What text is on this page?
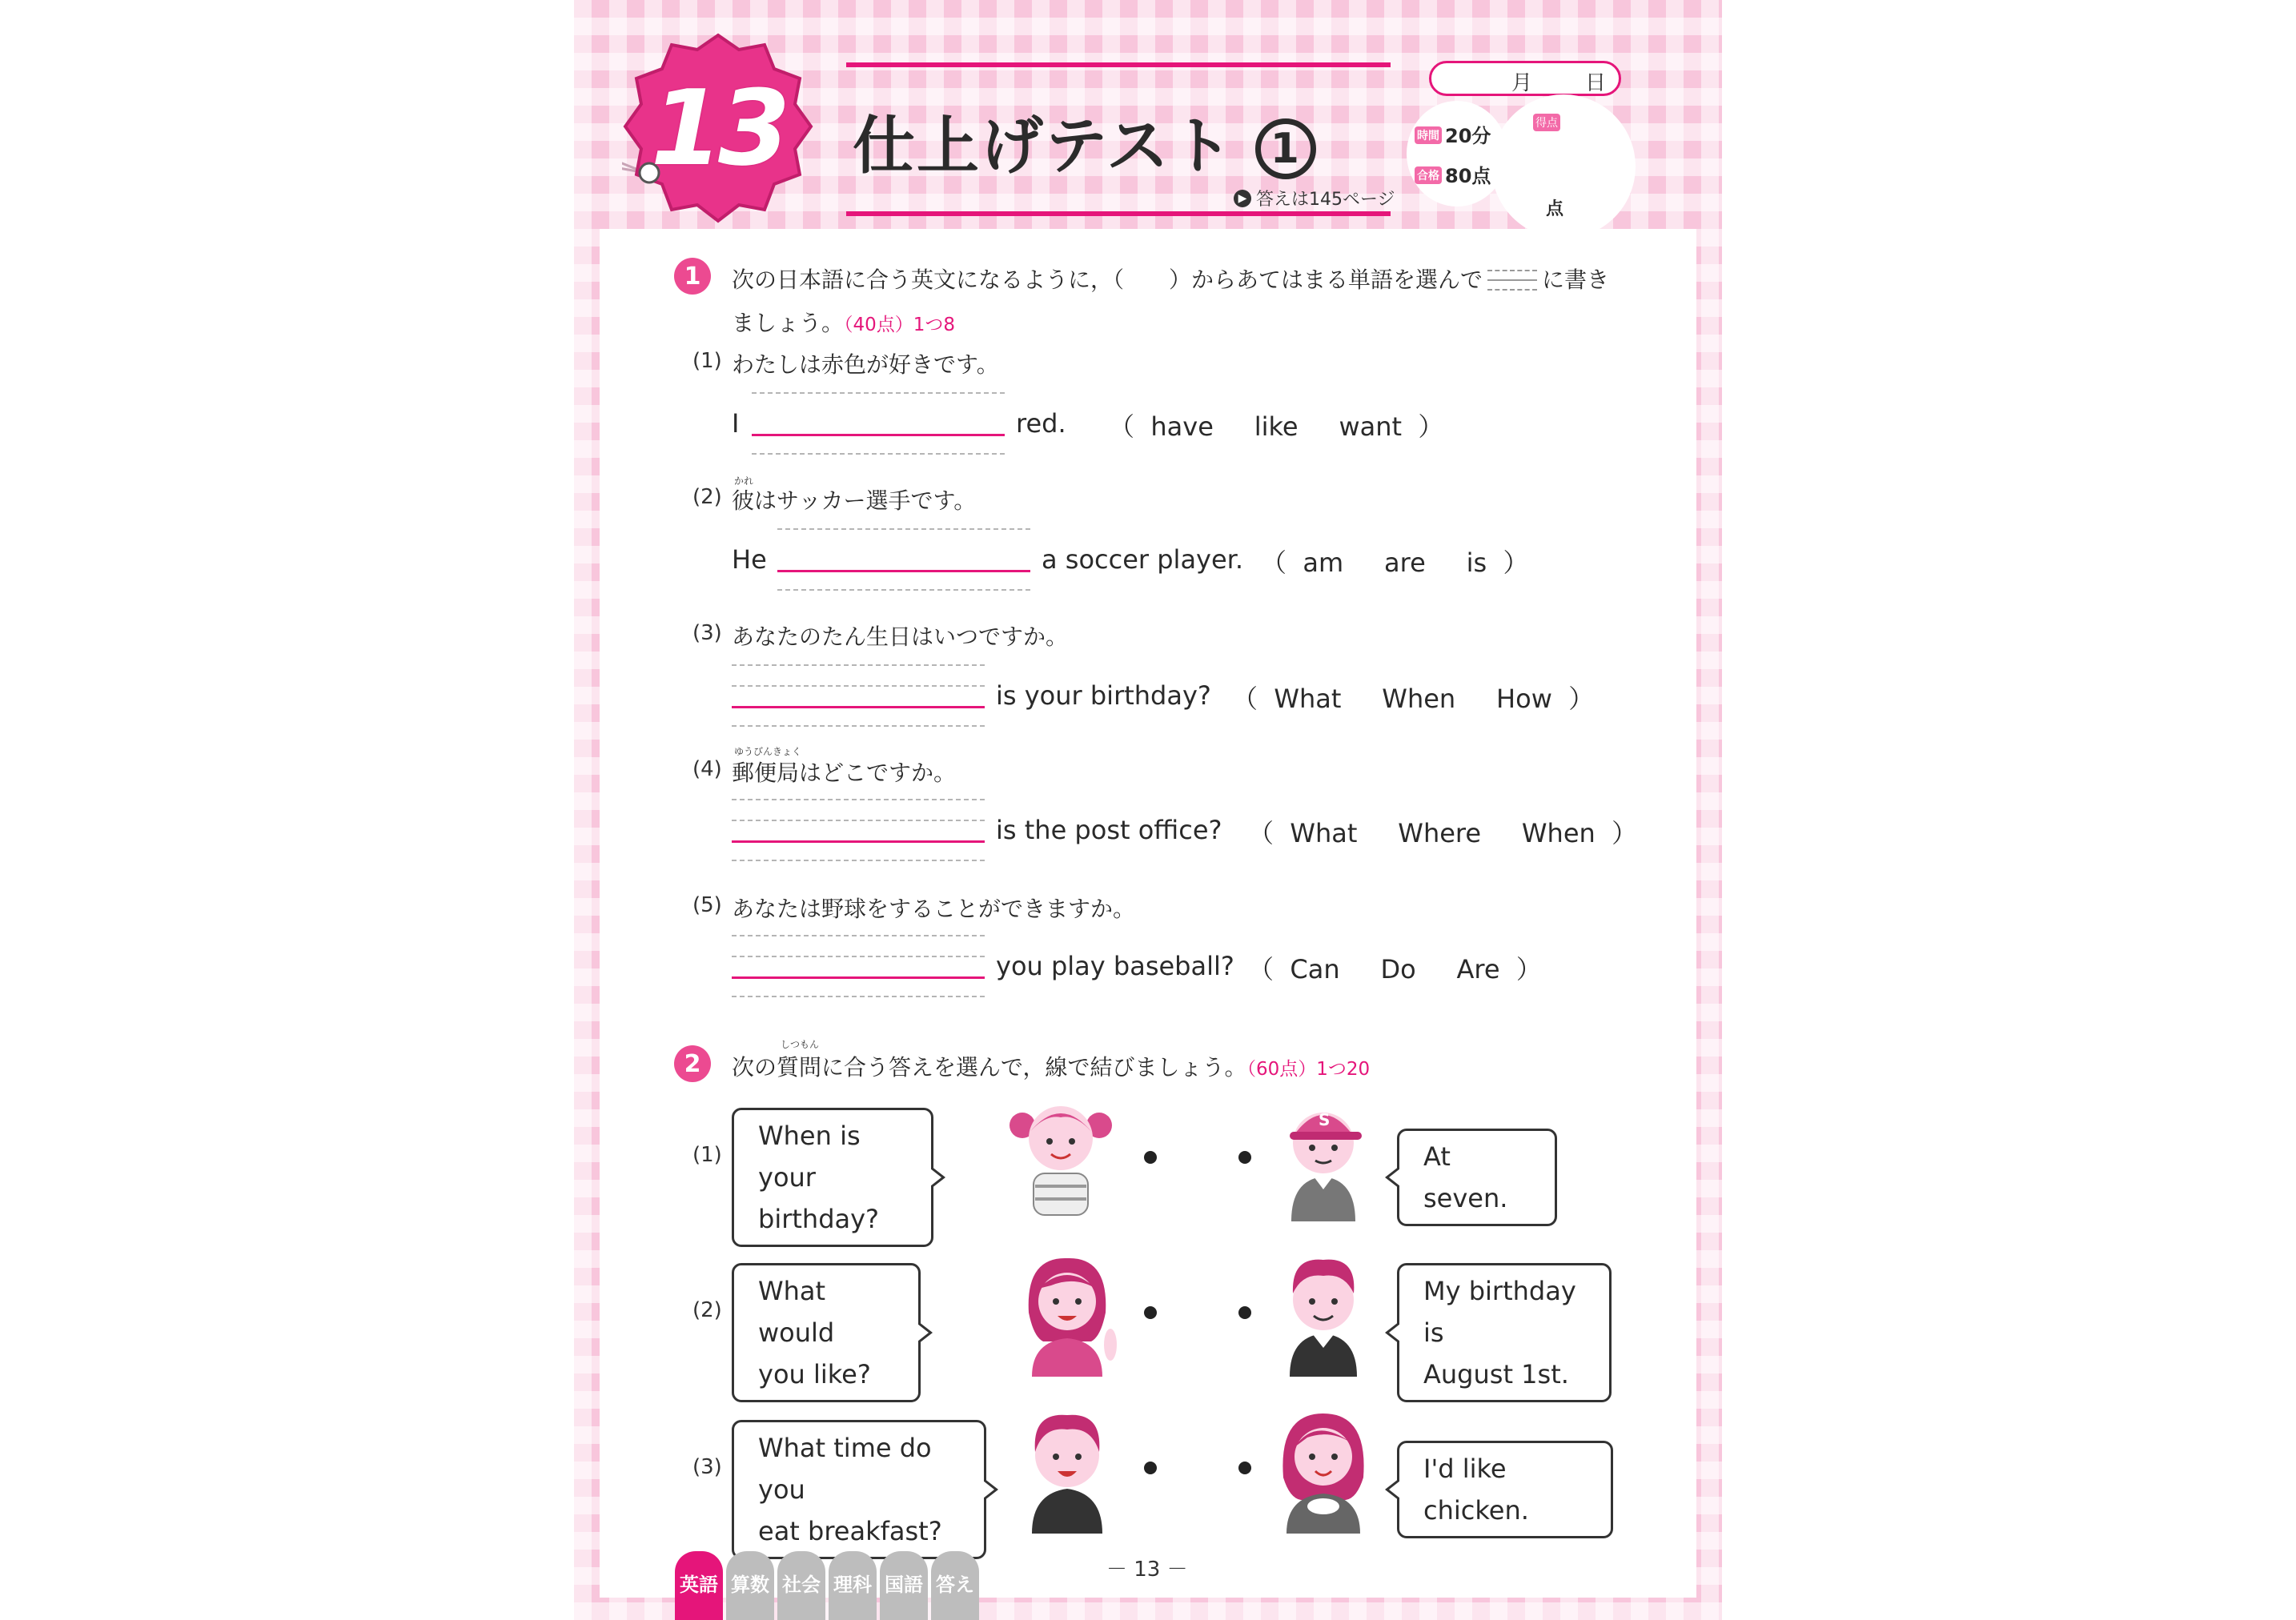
13	仕上げテスト 1
▶ 答えは145ページ
月	日
時間 20分
合格 80点
得点
点
1	次の日本語に合う英文になるように，（　　）からあてはまる単語を選んで	に書き
ましょう。（40点）1つ8
(1) わたしは赤色が好きです。
I	red. （  have like want  ）
かれ
(2) 彼はサッカー選手です。
He	a soccer player. （  am are is  ）
(3) あなたのたん生日はいつですか。
is your birthday? （  What When How  ）
ゆうびんきょく
(4) 郵便局はどこですか。
is the post office? （  What Where When  ）
(5) あなたは野球をすることができますか。
you play baseball? （  Can Do Are  ）
2
しつもん
次の質問に合う答えを選んで，線で結びましょう。（60点）1つ20
(1)
When is your
birthday?
S
At seven.
(2)
What would
you like?
My birthday is
August 1st.
(3)
What time do you
eat breakfast?
I'd like chicken.
－ 13 －
英語 算数 社会 理科 国語 答え
